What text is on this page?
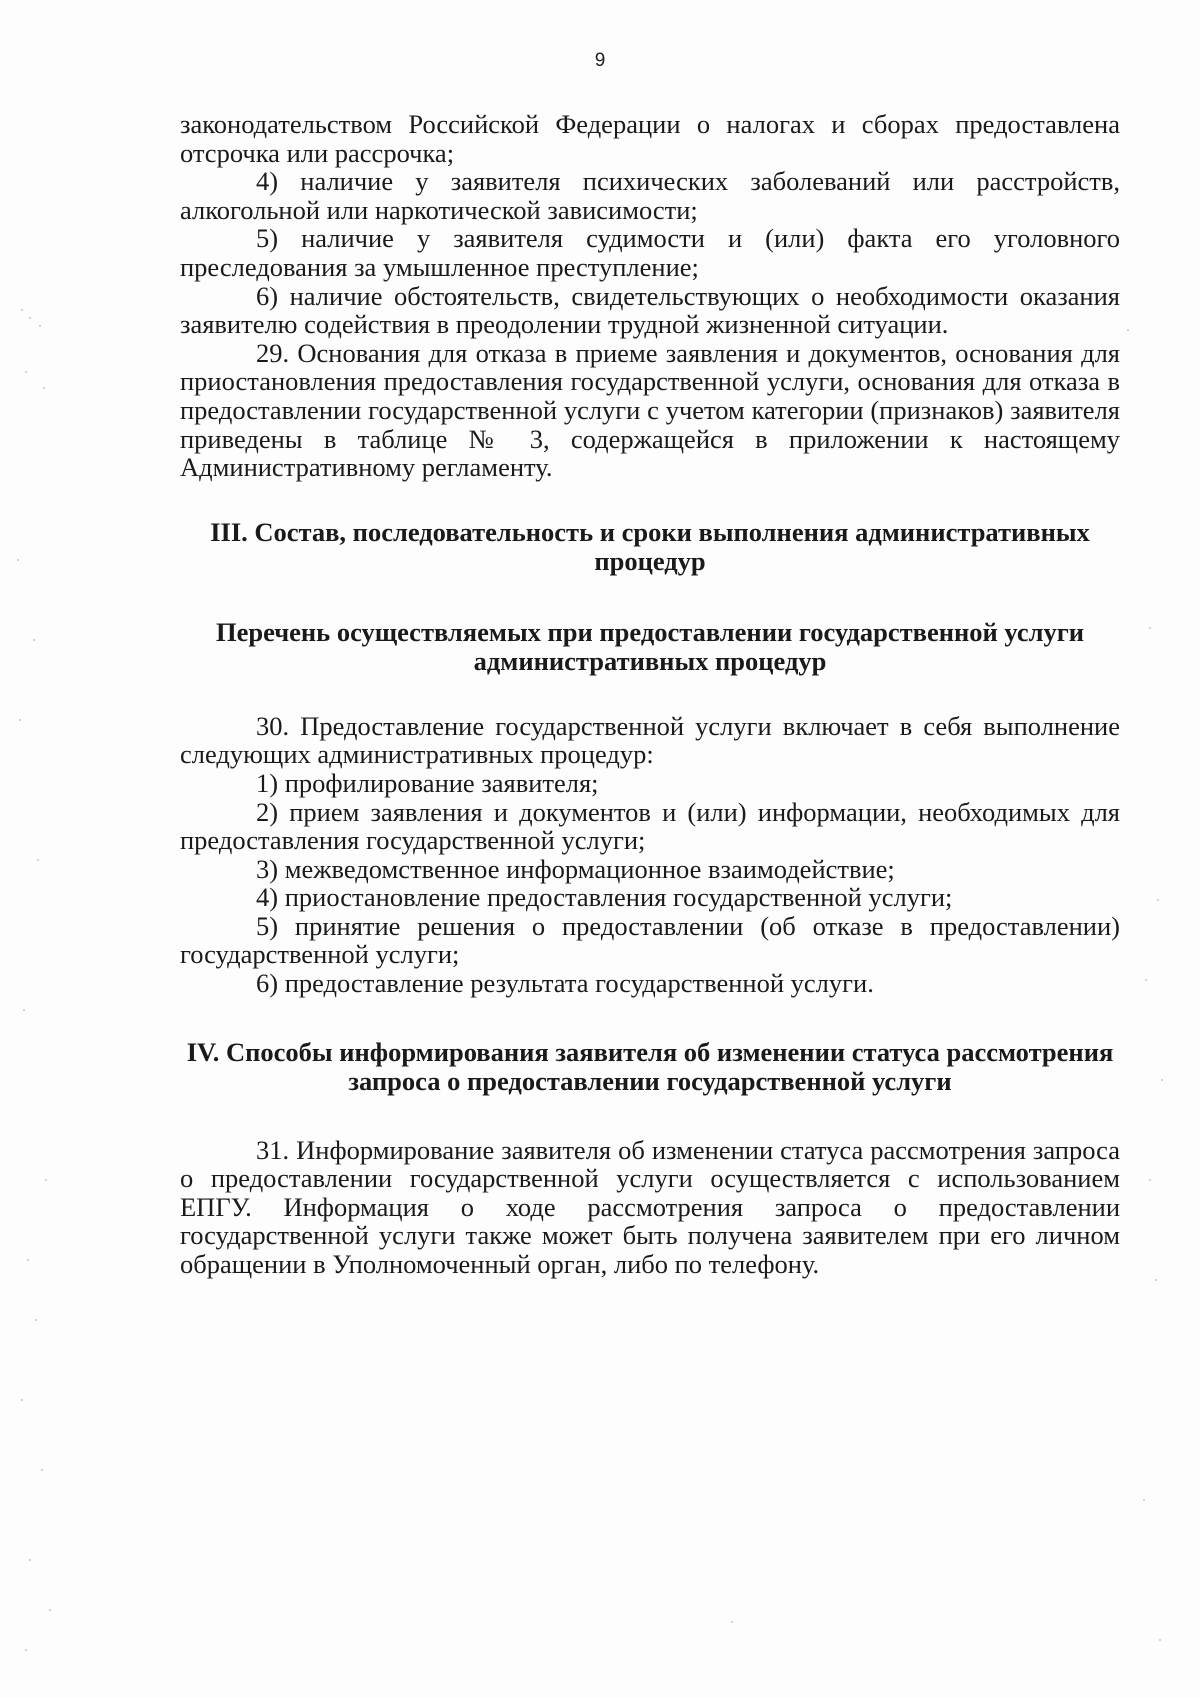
9

законодательством Российской Федерации о налогах и сборах предоставлена отсрочка или рассрочка;

4) наличие у заявителя психических заболеваний или расстройств, алкогольной или наркотической зависимости;

5) наличие у заявителя судимости и (или) факта его уголовного преследования за умышленное преступление;

6) наличие обстоятельств, свидетельствующих о необходимости оказания заявителю содействия в преодолении трудной жизненной ситуации.

29. Основания для отказа в приеме заявления и документов, основания для приостановления предоставления государственной услуги, основания для отказа в предоставлении государственной услуги с учетом категории (признаков) заявителя приведены в таблице № 3, содержащейся в приложении к настоящему Административному регламенту.

III. Состав, последовательность и сроки выполнения административных процедур
Перечень осуществляемых при предоставлении государственной услуги административных процедур

30. Предоставление государственной услуги включает в себя выполнение следующих административных процедур:

1) профилирование заявителя;

2) прием заявления и документов и (или) информации, необходимых для предоставления государственной услуги;

3) межведомственное информационное взаимодействие;

4) приостановление предоставления государственной услуги;

5) принятие решения о предоставлении (об отказе в предоставлении) государственной услуги;

6) предоставление результата государственной услуги.

IV. Способы информирования заявителя об изменении статуса рассмотрения запроса о предоставлении государственной услуги

31. Информирование заявителя об изменении статуса рассмотрения запроса о предоставлении государственной услуги осуществляется с использованием ЕПГУ. Информация о ходе рассмотрения запроса о предоставлении государственной услуги также может быть получена заявителем при его личном обращении в Уполномоченный орган, либо по телефону.
